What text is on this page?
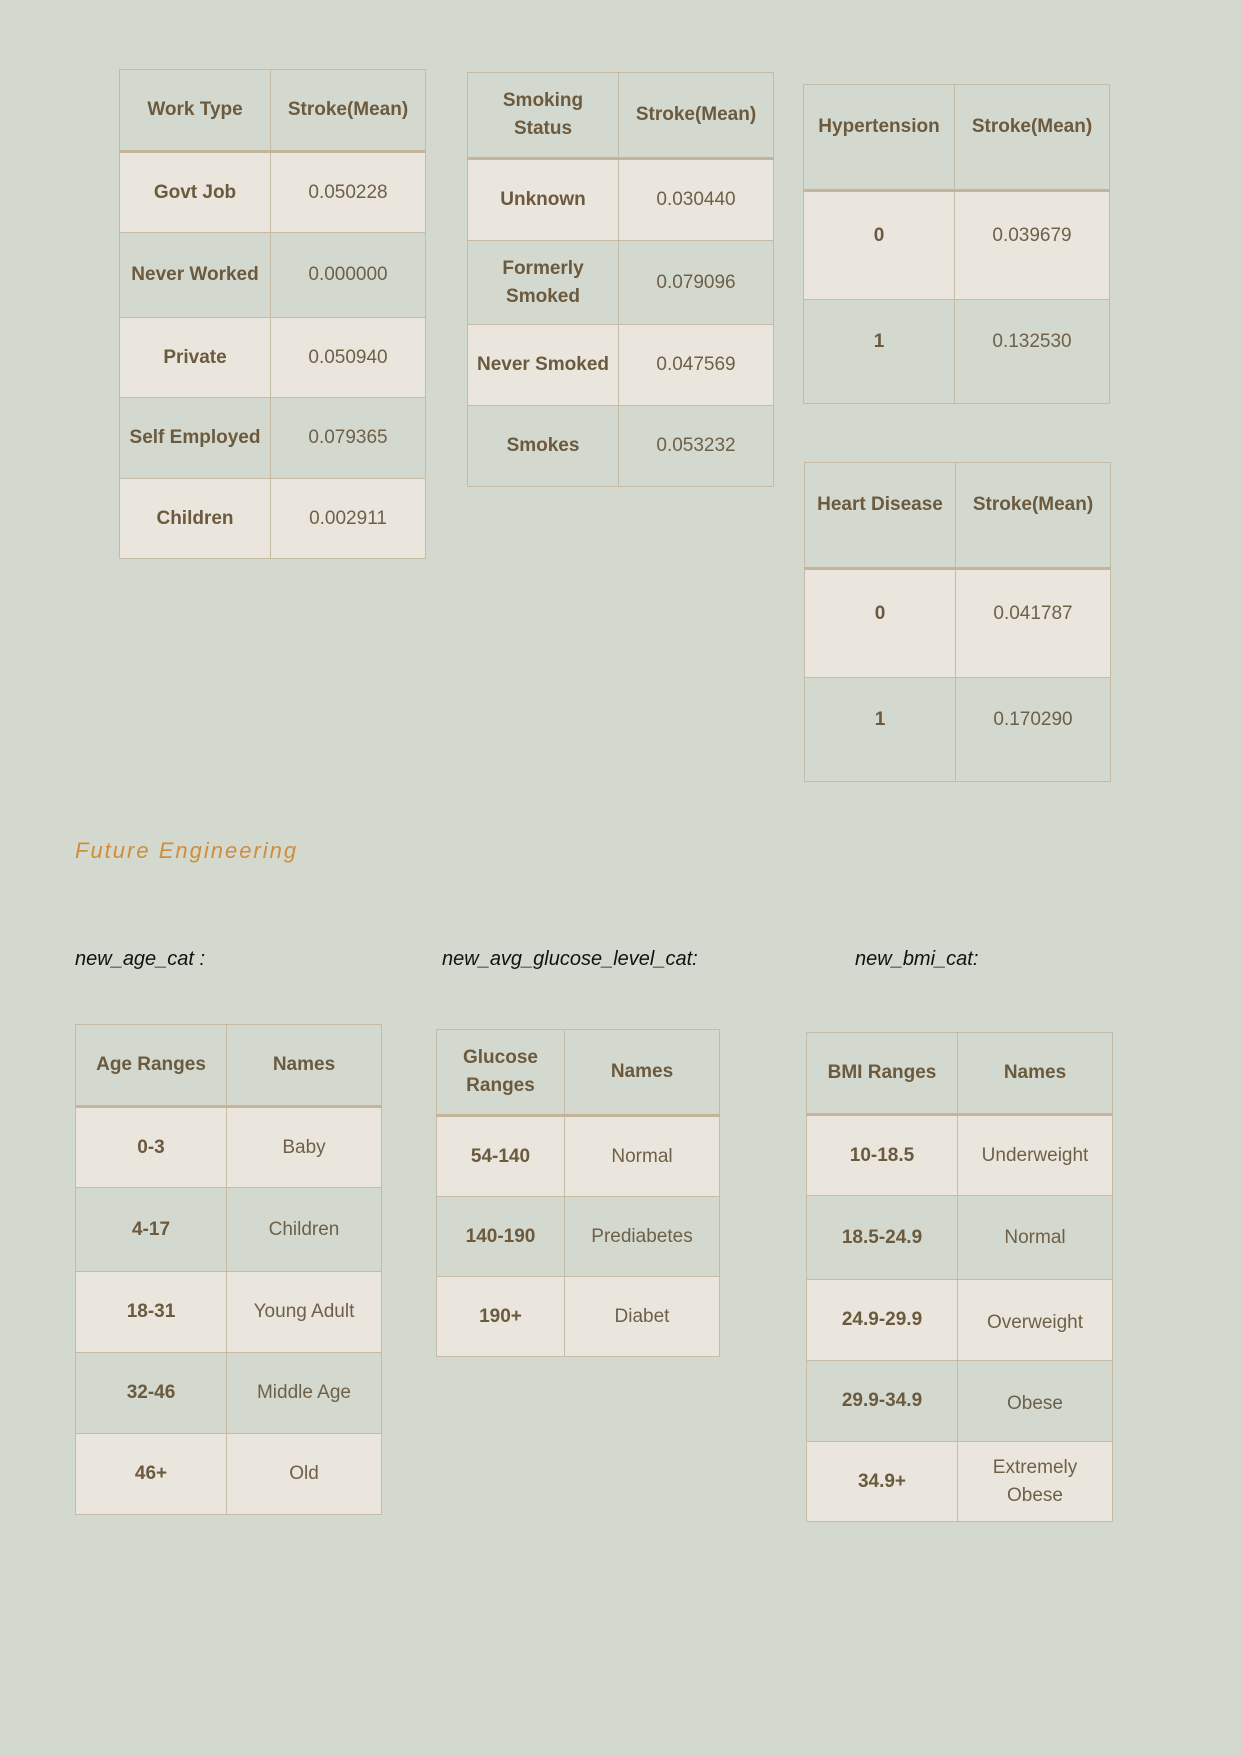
Work Type	Stroke(Mean)
Govt Job	0.050228
Never Worked	0.000000
Private	0.050940
Self Employed	0.079365
Children	0.002911
Smoking Status	Stroke(Mean)
Unknown	0.030440
Formerly Smoked	0.079096
Never Smoked	0.047569
Smokes	0.053232
Hypertension	Stroke(Mean)
0	0.039679
1	0.132530
Heart Disease	Stroke(Mean)
0	0.041787
1	0.170290
Future Engineering
new_age_cat :	new_avg_glucose_level_cat:	new_bmi_cat:
Age Ranges	Names
0-3	Baby
4-17	Children
18-31	Young Adult
32-46	Middle Age
46+	Old
Glucose Ranges	Names
54-140	Normal
140-190	Prediabetes
190+	Diabet
BMI Ranges	Names
10-18.5	Underweight
18.5-24.9	Normal
24.9-29.9	Overweight
29.9-34.9	Obese
34.9+	Extremely Obese
